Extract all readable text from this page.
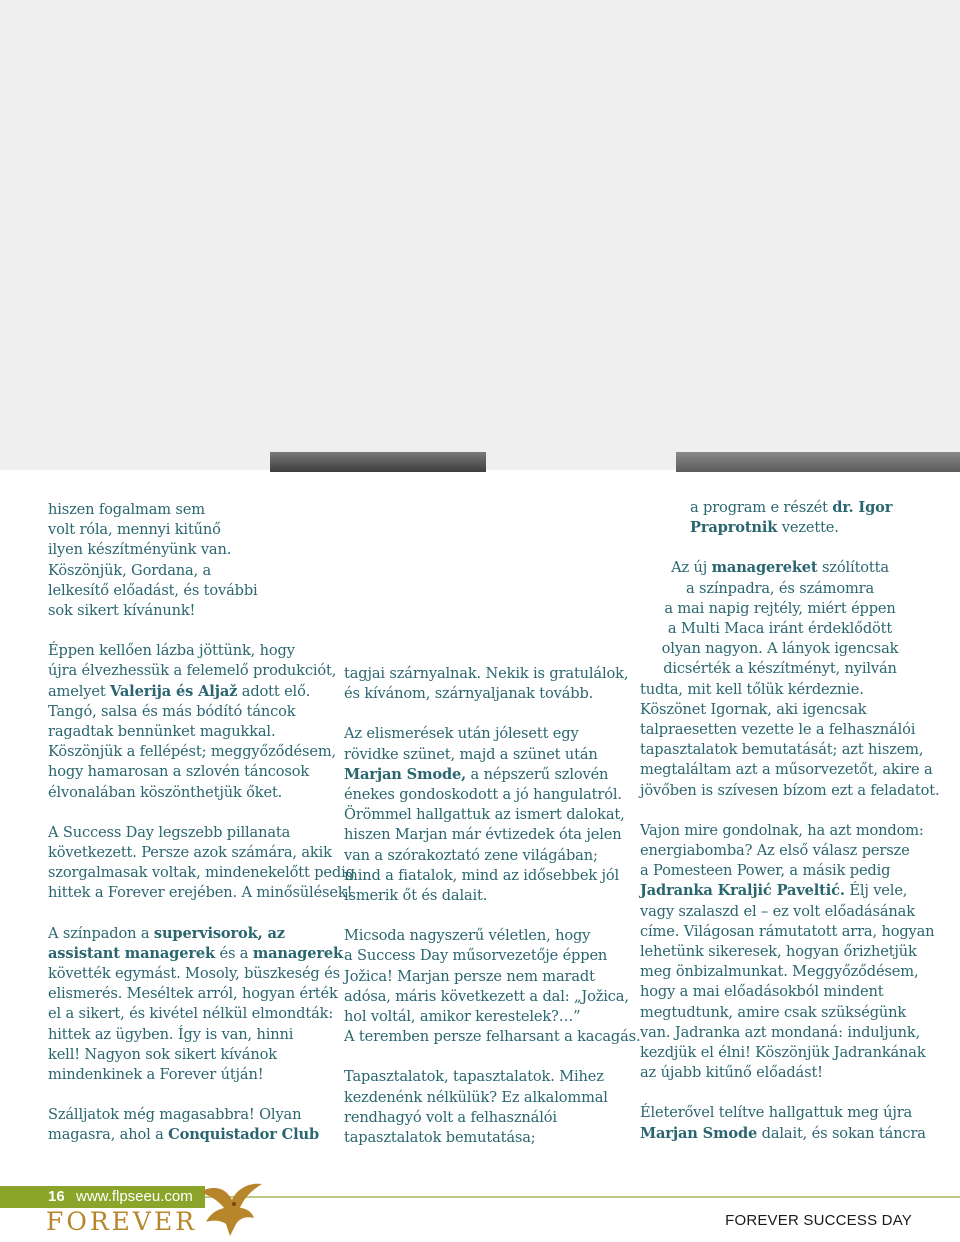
hiszen fogalmam sem
volt róla, mennyi kitűnő
ilyen készítményünk van.
Köszönjük, Gordana, a
lelkesítő előadást, és további
sok sikert kívánunk!

Éppen kellően lázba jöttünk, hogy
újra élvezhessük a felemelő produkciót,
amelyet Valerija és Aljaž adott elő.
Tangó, salsa és más bódító táncok
ragadtak bennünket magukkal.
Köszönjük a fellépést; meggyőződésem,
hogy hamarosan a szlovén táncosok
élvonalában köszönthetjük őket.

A Success Day legszebb pillanata
következett. Persze azok számára, akik
szorgalmasak voltak, mindenekelőtt pedig
hittek a Forever erejében. A minősülések!

A színpadon a supervisorok, az
assistant managerek és a managerek
követték egymást. Mosoly, büszkeség és
elismerés. Meséltek arról, hogyan érték
el a sikert, és kivétel nélkül elmondták:
hittek az ügyben. Így is van, hinni
kell! Nagyon sok sikert kívánok
mindenkinek a Forever útján!

Szálljatok még magasabbra! Olyan
magasra, ahol a Conquistador Club

tagjai szárnyalnak. Nekik is gratulálok,
és kívánom, szárnyaljanak tovább.

Az elismerések után jólesett egy
rövidke szünet, majd a szünet után
Marjan Smode, a népszerű szlovén
énekes gondoskodott a jó hangulatról.
Örömmel hallgattuk az ismert dalokat,
hiszen Marjan már évtizedek óta jelen
van a szórakoztató zene világában;
mind a fiatalok, mind az idősebbek jól
ismerik őt és dalait.

Micsoda nagyszerű véletlen, hogy
a Success Day műsorvezetője éppen
Jožica! Marjan persze nem maradt
adósa, máris következett a dal: „Jožica,
hol voltál, amikor kerestelek?…”
A teremben persze felharsant a kacagás.

Tapasztalatok, tapasztalatok. Mihez
kezdenénk nélkülük? Ez alkalommal
rendhagyó volt a felhasználói
tapasztalatok bemutatása;

a program e részét dr. Igor
Praprotnik vezette.

Az új managereket szólította
a színpadra, és számomra
a mai napig rejtély, miért éppen
a Multi Maca iránt érdeklődött
olyan nagyon. A lányok igencsak
dicsérték a készítményt, nyilván
tudta, mit kell tőlük kérdeznie.
Köszönet Igornak, aki igencsak
talpraesetten vezette le a felhasználói
tapasztalatok bemutatását; azt hiszem,
megtaláltam azt a műsorvezetőt, akire a
jövőben is szívesen bízom ezt a feladatot.

Vajon mire gondolnak, ha azt mondom:
energiabomba? Az első válasz persze
a Pomesteen Power, a másik pedig
Jadranka Kraljić Paveltić. Élj vele,
vagy szalaszd el – ez volt előadásának
címe. Világosan rámutatott arra, hogyan
lehetünk sikeresek, hogyan őrizhetjük
meg önbizalmunkat. Meggyőződésem,
hogy a mai előadásokból mindent
megtudtunk, amire csak szükségünk
van. Jadranka azt mondaná: induljunk,
kezdjük el élni! Köszönjük Jadrankának
az újabb kitűnő előadást!

Életerővel telítve hallgattuk meg újra
Marjan Smode dalait, és sokan táncra

16 www.flpseeu.com
FOREVER	FOREVER SUCCESS DAY
